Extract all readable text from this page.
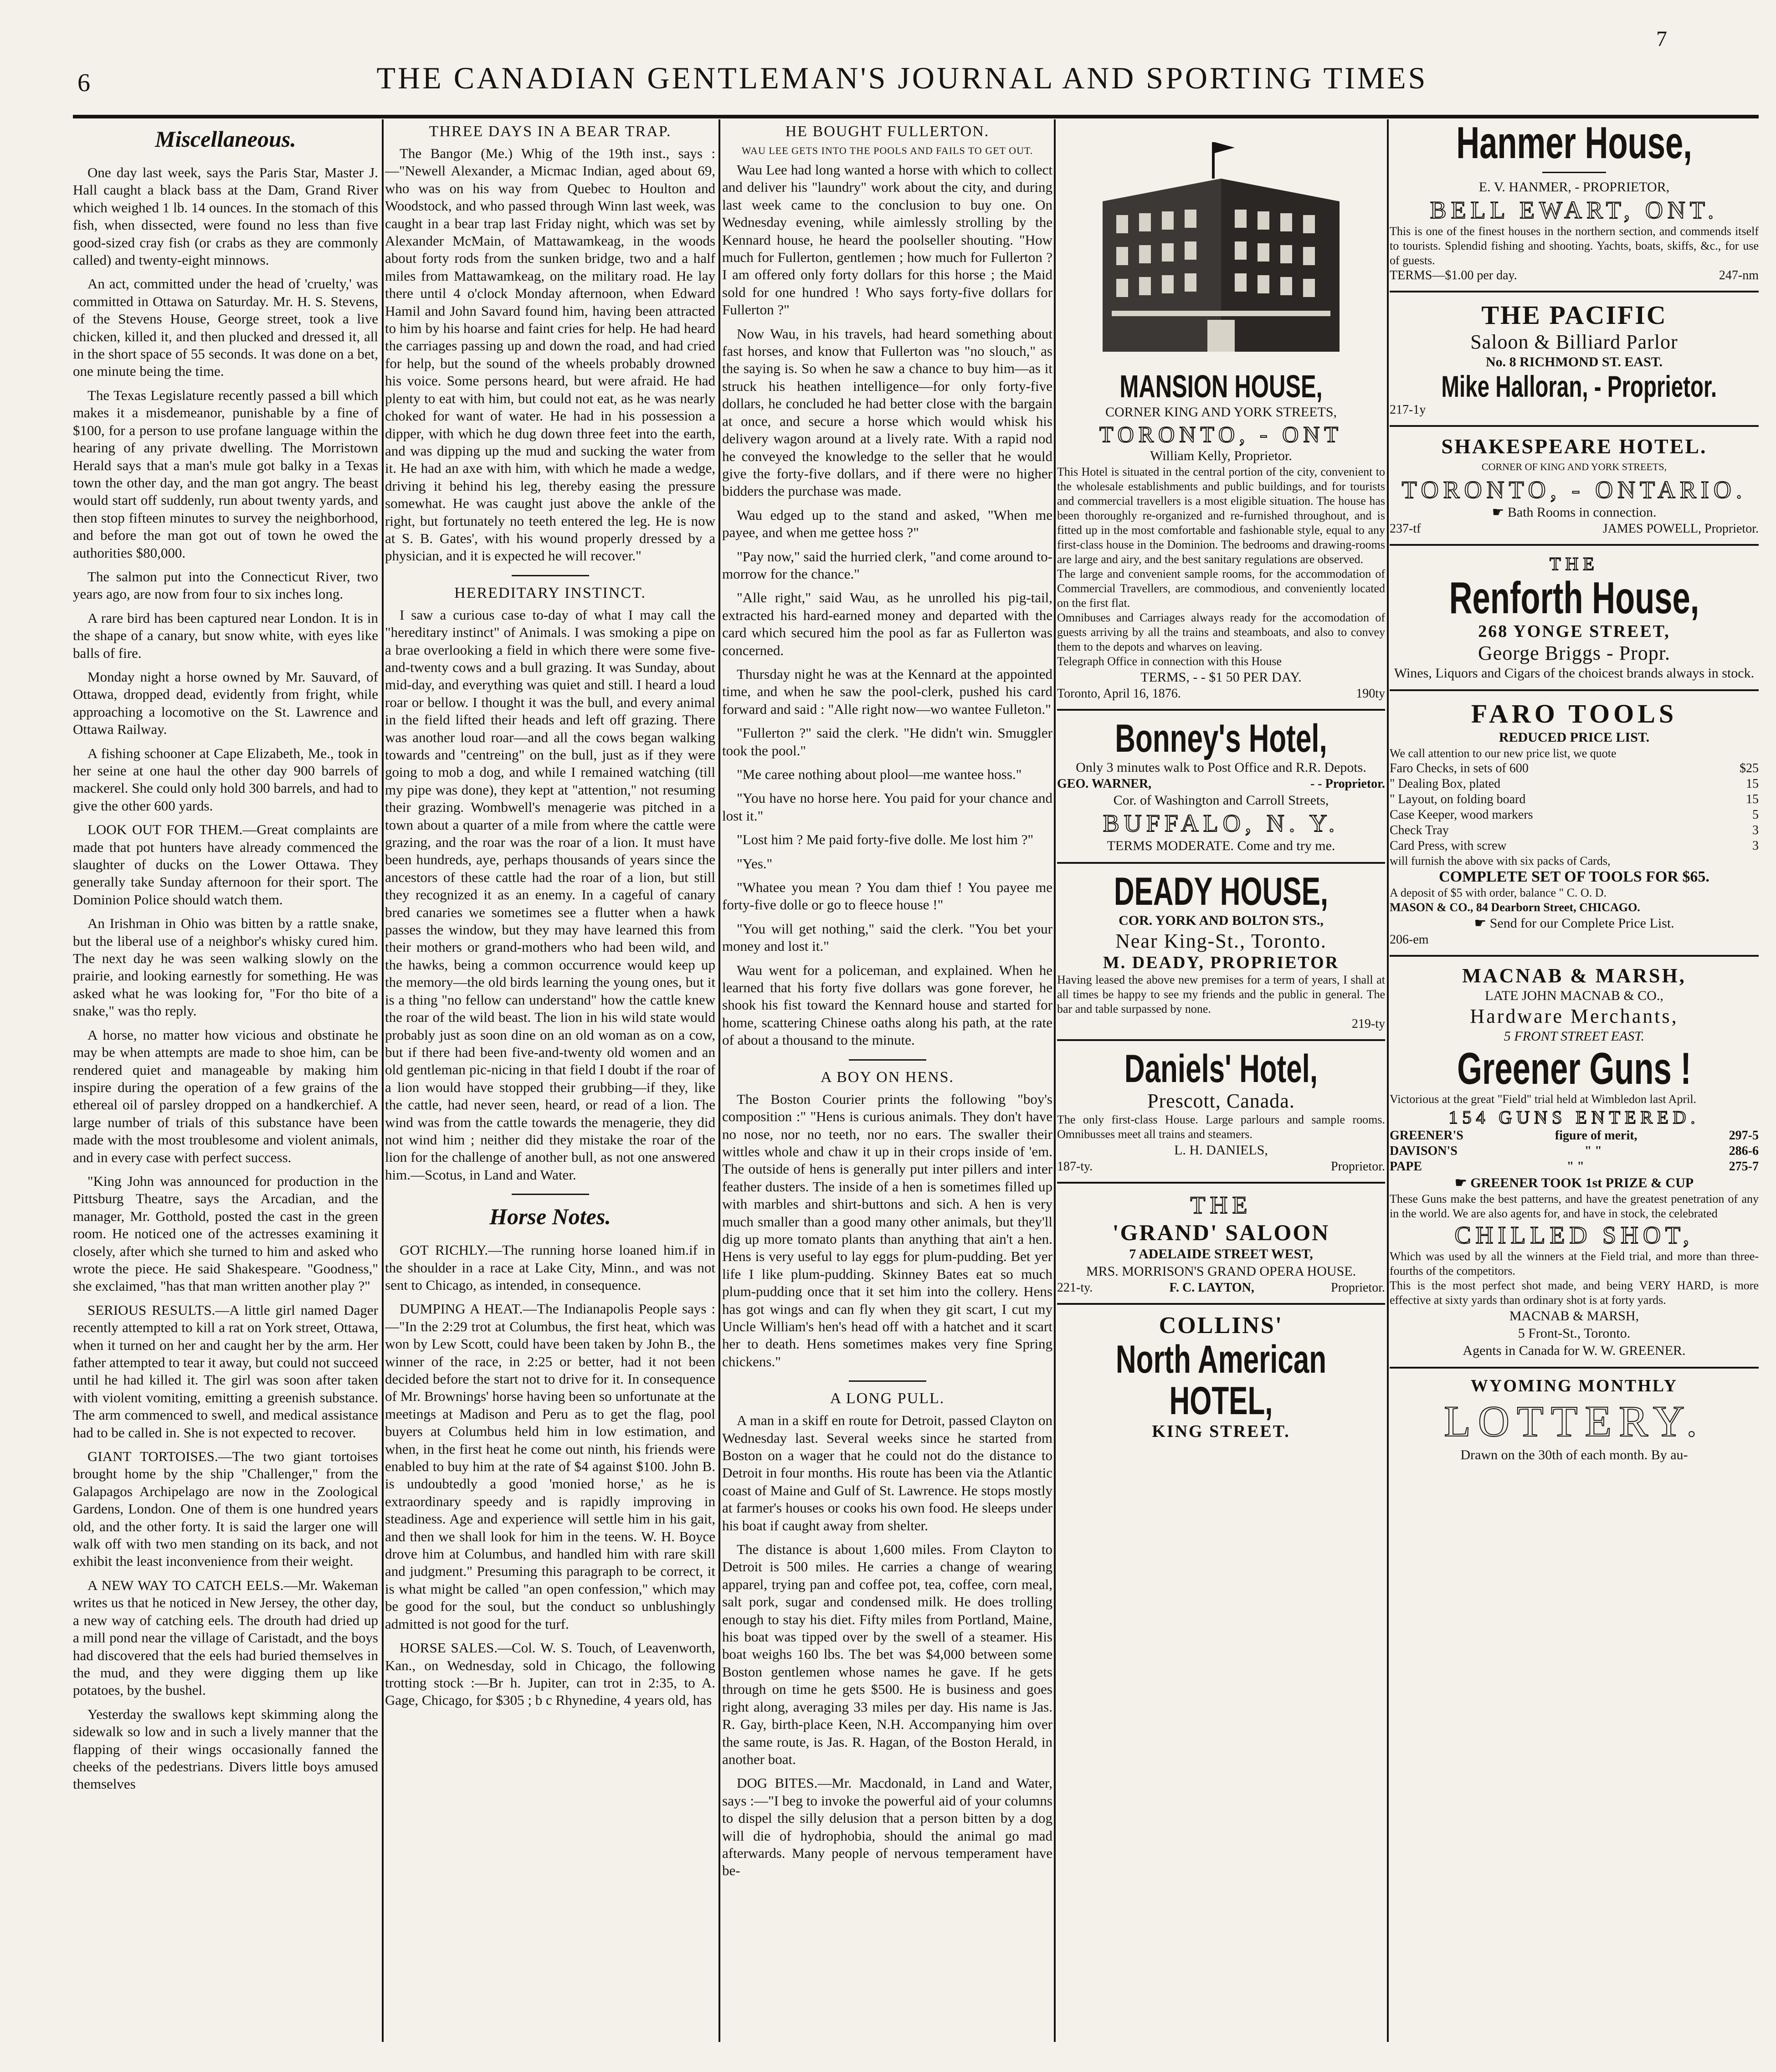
6	THE CANADIAN GENTLEMAN'S JOURNAL AND SPORTING TIMES
7
Miscellaneous.

One day last week, says the Paris Star, Master J. Hall caught a black bass at the Dam, Grand River which weighed 1 lb. 14 ounces. In the stomach of this fish, when dissected, were found no less than five good-sized cray fish (or crabs as they are commonly called) and twenty-eight minnows.

An act, committed under the head of 'cruelty,' was committed in Ottawa on Saturday. Mr. H. S. Stevens, of the Stevens House, George street, took a live chicken, killed it, and then plucked and dressed it, all in the short space of 55 seconds. It was done on a bet, one minute being the time.

The Texas Legislature recently passed a bill which makes it a misdemeanor, punishable by a fine of $100, for a person to use profane language within the hearing of any private dwelling. The Morristown Herald says that a man's mule got balky in a Texas town the other day, and the man got angry. The beast would start off suddenly, run about twenty yards, and then stop fifteen minutes to survey the neighborhood, and before the man got out of town he owed the authorities $80,000.

The salmon put into the Connecticut River, two years ago, are now from four to six inches long.

A rare bird has been captured near London. It is in the shape of a canary, but snow white, with eyes like balls of fire.

Monday night a horse owned by Mr. Sauvard, of Ottawa, dropped dead, evidently from fright, while approaching a locomotive on the St. Lawrence and Ottawa Railway.

A fishing schooner at Cape Elizabeth, Me., took in her seine at one haul the other day 900 barrels of mackerel. She could only hold 300 barrels, and had to give the other 600 yards.

LOOK OUT FOR THEM.—Great complaints are made that pot hunters have already commenced the slaughter of ducks on the Lower Ottawa. They generally take Sunday afternoon for their sport. The Dominion Police should watch them.

An Irishman in Ohio was bitten by a rattle snake, but the liberal use of a neighbor's whisky cured him. The next day he was seen walking slowly on the prairie, and looking earnestly for something. He was asked what he was looking for, "For tho bite of a snake," was tho reply.

A horse, no matter how vicious and obstinate he may be when attempts are made to shoe him, can be rendered quiet and manageable by making him inspire during the operation of a few grains of the ethereal oil of parsley dropped on a handkerchief. A large number of trials of this substance have been made with the most troublesome and violent animals, and in every case with perfect success.

"King John was announced for production in the Pittsburg Theatre, says the Arcadian, and the manager, Mr. Gotthold, posted the cast in the green room. He noticed one of the actresses examining it closely, after which she turned to him and asked who wrote the piece. He said Shakespeare. "Goodness," she exclaimed, "has that man written another play ?"

SERIOUS RESULTS.—A little girl named Dager recently attempted to kill a rat on York street, Ottawa, when it turned on her and caught her by the arm. Her father attempted to tear it away, but could not succeed until he had killed it. The girl was soon after taken with violent vomiting, emitting a greenish substance. The arm commenced to swell, and medical assistance had to be called in. She is not expected to recover.

GIANT TORTOISES.—The two giant tortoises brought home by the ship "Challenger," from the Galapagos Archipelago are now in the Zoological Gardens, London. One of them is one hundred years old, and the other forty. It is said the larger one will walk off with two men standing on its back, and not exhibit the least inconvenience from their weight.

A NEW WAY TO CATCH EELS.—Mr. Wakeman writes us that he noticed in New Jersey, the other day, a new way of catching eels. The drouth had dried up a mill pond near the village of Caristadt, and the boys had discovered that the eels had buried themselves in the mud, and they were digging them up like potatoes, by the bushel.

Yesterday the swallows kept skimming along the sidewalk so low and in such a lively manner that the flapping of their wings occasionally fanned the cheeks of the pedestrians. Divers little boys amused themselves

THREE DAYS IN A BEAR TRAP.

The Bangor (Me.) Whig of the 19th inst., says :—"Newell Alexander, a Micmac Indian, aged about 69, who was on his way from Quebec to Houlton and Woodstock, and who passed through Winn last week, was caught in a bear trap last Friday night, which was set by Alexander McMain, of Mattawamkeag, in the woods about forty rods from the sunken bridge, two and a half miles from Mattawamkeag, on the military road. He lay there until 4 o'clock Monday afternoon, when Edward Hamil and John Savard found him, having been attracted to him by his hoarse and faint cries for help. He had heard the carriages passing up and down the road, and had cried for help, but the sound of the wheels probably drowned his voice. Some persons heard, but were afraid. He had plenty to eat with him, but could not eat, as he was nearly choked for want of water. He had in his possession a dipper, with which he dug down three feet into the earth, and was dipping up the mud and sucking the water from it. He had an axe with him, with which he made a wedge, driving it behind his leg, thereby easing the pressure somewhat. He was caught just above the ankle of the right, but fortunately no teeth entered the leg. He is now at S. B. Gates', with his wound properly dressed by a physician, and it is expected he will recover."

HEREDITARY INSTINCT.

I saw a curious case to-day of what I may call the "hereditary instinct" of Animals. I was smoking a pipe on a brae overlooking a field in which there were some five-and-twenty cows and a bull grazing. It was Sunday, about mid-day, and everything was quiet and still. I heard a loud roar or bellow. I thought it was the bull, and every animal in the field lifted their heads and left off grazing. There was another loud roar—and all the cows began walking towards and "centreing" on the bull, just as if they were going to mob a dog, and while I remained watching (till my pipe was done), they kept at "attention," not resuming their grazing. Wombwell's menagerie was pitched in a town about a quarter of a mile from where the cattle were grazing, and the roar was the roar of a lion. It must have been hundreds, aye, perhaps thousands of years since the ancestors of these cattle had the roar of a lion, but still they recognized it as an enemy. In a cageful of canary bred canaries we sometimes see a flutter when a hawk passes the window, but they may have learned this from their mothers or grand-mothers who had been wild, and the hawks, being a common occurrence would keep up the memory—the old birds learning the young ones, but it is a thing "no fellow can understand" how the cattle knew the roar of the wild beast. The lion in his wild state would probably just as soon dine on an old woman as on a cow, but if there had been five-and-twenty old women and an old gentleman pic-nicing in that field I doubt if the roar of a lion would have stopped their grubbing—if they, like the cattle, had never seen, heard, or read of a lion. The wind was from the cattle towards the menagerie, they did not wind him ; neither did they mistake the roar of the lion for the challenge of another bull, as not one answered him.—Scotus, in Land and Water.

Horse Notes.

GOT RICHLY.—The running horse loaned him.if in the shoulder in a race at Lake City, Minn., and was not sent to Chicago, as intended, in consequence.

DUMPING A HEAT.—The Indianapolis People says :—"In the 2:29 trot at Columbus, the first heat, which was won by Lew Scott, could have been taken by John B., the winner of the race, in 2:25 or better, had it not been decided before the start not to drive for it. In consequence of Mr. Brownings' horse having been so unfortunate at the meetings at Madison and Peru as to get the flag, pool buyers at Columbus held him in low estimation, and when, in the first heat he come out ninth, his friends were enabled to buy him at the rate of $4 against $100. John B. is undoubtedly a good 'monied horse,' as he is extraordinary speedy and is rapidly improving in steadiness. Age and experience will settle him in his gait, and then we shall look for him in the teens. W. H. Boyce drove him at Columbus, and handled him with rare skill and judgment." Presuming this paragraph to be correct, it is what might be called "an open confession," which may be good for the soul, but the conduct so unblushingly admitted is not good for the turf.

HORSE SALES.—Col. W. S. Touch, of Leavenworth, Kan., on Wednesday, sold in Chicago, the following trotting stock :—Br h. Jupiter, can trot in 2:35, to A. Gage, Chicago, for $305 ; b c Rhynedine, 4 years old, has

HE BOUGHT FULLERTON.
WAU LEE GETS INTO THE POOLS AND FAILS TO GET OUT.

Wau Lee had long wanted a horse with which to collect and deliver his "laundry" work about the city, and during last week came to the conclusion to buy one. On Wednesday evening, while aimlessly strolling by the Kennard house, he heard the poolseller shouting. "How much for Fullerton, gentlemen ; how much for Fullerton ? I am offered only forty dollars for this horse ; the Maid sold for one hundred ! Who says forty-five dollars for Fullerton ?"

Now Wau, in his travels, had heard something about fast horses, and know that Fullerton was "no slouch," as the saying is. So when he saw a chance to buy him—as it struck his heathen intelligence—for only forty-five dollars, he concluded he had better close with the bargain at once, and secure a horse which would whisk his delivery wagon around at a lively rate. With a rapid nod he conveyed the knowledge to the seller that he would give the forty-five dollars, and if there were no higher bidders the purchase was made.

Wau edged up to the stand and asked, "When me payee, and when me gettee hoss ?"

"Pay now," said the hurried clerk, "and come around to-morrow for the chance."

"Alle right," said Wau, as he unrolled his pig-tail, extracted his hard-earned money and departed with the card which secured him the pool as far as Fullerton was concerned.

Thursday night he was at the Kennard at the appointed time, and when he saw the pool-clerk, pushed his card forward and said : "Alle right now—wo wantee Fulleton."

"Fullerton ?" said the clerk. "He didn't win. Smuggler took the pool."

"Me caree nothing about plool—me wantee hoss."

"You have no horse here. You paid for your chance and lost it."

"Lost him ? Me paid forty-five dolle. Me lost him ?"

"Yes."

"Whatee you mean ? You dam thief ! You payee me forty-five dolle or go to fleece house !"

"You will get nothing," said the clerk. "You bet your money and lost it."

Wau went for a policeman, and explained. When he learned that his forty five dollars was gone forever, he shook his fist toward the Kennard house and started for home, scattering Chinese oaths along his path, at the rate of about a thousand to the minute.

A BOY ON HENS.

The Boston Courier prints the following "boy's composition :" "Hens is curious animals. They don't have no nose, nor no teeth, nor no ears. The swaller their wittles whole and chaw it up in their crops inside of 'em. The outside of hens is generally put inter pillers and inter feather dusters. The inside of a hen is sometimes filled up with marbles and shirt-buttons and sich. A hen is very much smaller than a good many other animals, but they'll dig up more tomato plants than anything that ain't a hen. Hens is very useful to lay eggs for plum-pudding. Bet yer life I like plum-pudding. Skinney Bates eat so much plum-pudding once that it set him into the collery. Hens has got wings and can fly when they git scart, I cut my Uncle William's hen's head off with a hatchet and it scart her to death. Hens sometimes makes very fine Spring chickens."

A LONG PULL.

A man in a skiff en route for Detroit, passed Clayton on Wednesday last. Several weeks since he started from Boston on a wager that he could not do the distance to Detroit in four months. His route has been via the Atlantic coast of Maine and Gulf of St. Lawrence. He stops mostly at farmer's houses or cooks his own food. He sleeps under his boat if caught away from shelter.

The distance is about 1,600 miles. From Clayton to Detroit is 500 miles. He carries a change of wearing apparel, trying pan and coffee pot, tea, coffee, corn meal, salt pork, sugar and condensed milk. He does trolling enough to stay his diet. Fifty miles from Portland, Maine, his boat was tipped over by the swell of a steamer. His boat weighs 160 lbs. The bet was $4,000 between some Boston gentlemen whose names he gave. If he gets through on time he gets $500. He is business and goes right along, averaging 33 miles per day. His name is Jas. R. Gay, birth-place Keen, N.H. Accompanying him over the same route, is Jas. R. Hagan, of the Boston Herald, in another boat.

DOG BITES.—Mr. Macdonald, in Land and Water, says :—"I beg to invoke the powerful aid of your columns to dispel the silly delusion that a person bitten by a dog will die of hydrophobia, should the animal go mad afterwards. Many people of nervous temperament have be-

MANSION HOUSE,
CORNER KING AND YORK STREETS,
TORONTO, - ONT
William Kelly, Proprietor.
This Hotel is situated in the central portion of the city, convenient to the wholesale establishments and public buildings, and for tourists and commercial travellers is a most eligible situation. The house has been thoroughly re-organized and re-furnished throughout, and is fitted up in the most comfortable and fashionable style, equal to any first-class house in the Dominion. The bedrooms and drawing-rooms are large and airy, and the best sanitary regulations are observed.
The large and convenient sample rooms, for the accommodation of Commercial Travellers, are commodious, and conveniently located on the first flat.
Omnibuses and Carriages always ready for the accomodation of guests arriving by all the trains and steamboats, and also to convey them to the depots and wharves on leaving.
Telegraph Office in connection with this House
TERMS, - - $1 50 PER DAY.
Toronto, April 16, 1876.	190ty
Bonney's Hotel,
Only 3 minutes walk to Post Office and R.R. Depots.
GEO. WARNER,	- - Proprietor.
Cor. of Washington and Carroll Streets,
BUFFALO, N. Y.
TERMS MODERATE. Come and try me.
DEADY HOUSE,
COR. YORK AND BOLTON STS.,
Near King-St., Toronto.
M. DEADY, PROPRIETOR
Having leased the above new premises for a term of years, I shall at all times be happy to see my friends and the public in general. The bar and table surpassed by none.
219-ty
Daniels' Hotel,
Prescott, Canada.
The only first-class House. Large parlours and sample rooms. Omnibusses meet all trains and steamers.
L. H. DANIELS,
187-ty.	Proprietor.
THE
'GRAND' SALOON
7 ADELAIDE STREET WEST,
MRS. MORRISON'S GRAND OPERA HOUSE.
221-ty.	F. C. LAYTON,	Proprietor.
COLLINS'
North American
HOTEL,
KING STREET.
Hanmer House,
E. V. HANMER, - PROPRIETOR,
BELL EWART, ONT.
This is one of the finest houses in the northern section, and commends itself to tourists. Splendid fishing and shooting. Yachts, boats, skiffs, &c., for use of guests.
TERMS—$1.00 per day.	247-nm
THE PACIFIC
Saloon & Billiard Parlor
No. 8 RICHMOND ST. EAST.
Mike Halloran, - Proprietor.
217-1y
SHAKESPEARE HOTEL.
CORNER OF KING AND YORK STREETS,
TORONTO, - ONTARIO.
☛ Bath Rooms in connection.
237-tf	JAMES POWELL, Proprietor.
THE
Renforth House,
268 YONGE STREET,
George Briggs - Propr.
Wines, Liquors and Cigars of the choicest brands always in stock.
FARO TOOLS
REDUCED PRICE LIST.
We call attention to our new price list, we quote
Faro Checks, in sets of 600	$25
" Dealing Box, plated	15
" Layout, on folding board	15
Case Keeper, wood markers	5
Check Tray	3
Card Press, with screw	3
will furnish the above with six packs of Cards,
COMPLETE SET OF TOOLS FOR $65.
A deposit of $5 with order, balance " C. O. D.
MASON & CO., 84 Dearborn Street, CHICAGO.
☛ Send for our Complete Price List.
206-em
MACNAB & MARSH,
LATE JOHN MACNAB & CO.,
Hardware Merchants,
5 FRONT STREET EAST.
Greener Guns !
Victorious at the great "Field" trial held at Wimbledon last April.
154 GUNS ENTERED.
GREENER'S	figure of merit,	297-5
DAVISON'S	" "	286-6
PAPE	" "	275-7
☛ GREENER TOOK 1st PRIZE & CUP
These Guns make the best patterns, and have the greatest penetration of any in the world. We are also agents for, and have in stock, the celebrated
CHILLED SHOT,
Which was used by all the winners at the Field trial, and more than three-fourths of the competitors.
This is the most perfect shot made, and being VERY HARD, is more effective at sixty yards than ordinary shot is at forty yards.
MACNAB & MARSH,
5 Front-St., Toronto.
Agents in Canada for W. W. GREENER.
WYOMING MONTHLY
LOTTERY.
Drawn on the 30th of each month. By au-
